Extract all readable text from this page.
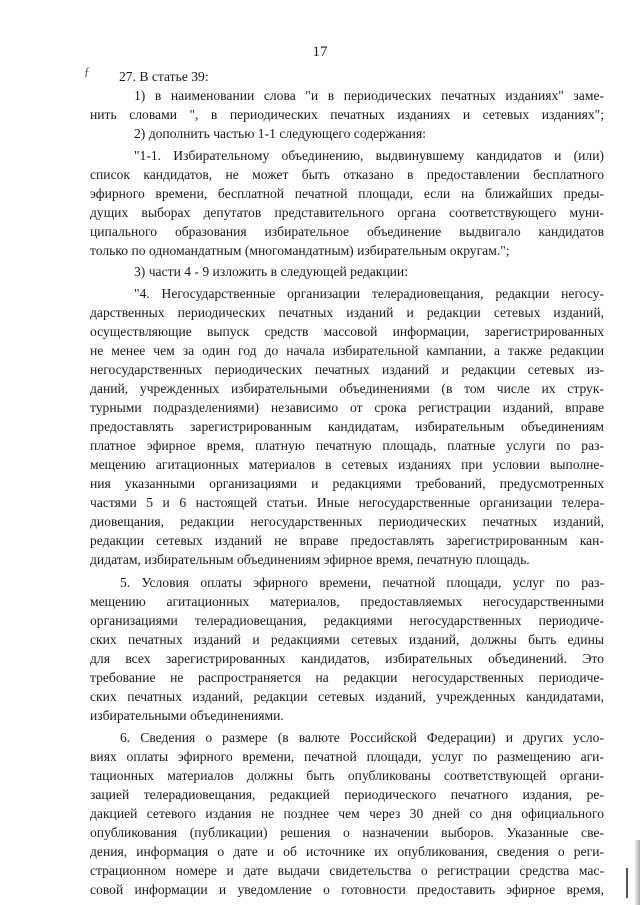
17
ƒ 27. В статье 39:
1) в наименовании слова "и в периодических печатных изданиях" заме-
нить словами ", в периодических печатных изданиях и сетевых изданиях";
2) дополнить частью 1-1 следующего содержания:
"1-1. Избирательному объединению, выдвинувшему кандидатов и (или)
список кандидатов, не может быть отказано в предоставлении бесплатного
эфирного времени, бесплатной печатной площади, если на ближайших преды-
дущих выборах депутатов представительного органа соответствующего муни-
ципального образования избирательное объединение выдвигало кандидатов
только по одномандатным (многомандатным) избирательным округам.";
3) части 4 - 9 изложить в следующей редакции:
"4. Негосударственные организации телерадиовещания, редакции негосу-
дарственных периодических печатных изданий и редакции сетевых изданий,
осуществляющие выпуск средств массовой информации, зарегистрированных
не менее чем за один год до начала избирательной кампании, а также редакции
негосударственных периодических печатных изданий и редакции сетевых из-
даний, учрежденных избирательными объединениями (в том числе их струк-
турными подразделениями) независимо от срока регистрации изданий, вправе
предоставлять зарегистрированным кандидатам, избирательным объединениям
платное эфирное время, платную печатную площадь, платные услуги по раз-
мещению агитационных материалов в сетевых изданиях при условии выполне-
ния указанными организациями и редакциями требований, предусмотренных
частями 5 и 6 настоящей статьи. Иные негосударственные организации телера-
диовещания, редакции негосударственных периодических печатных изданий,
редакции сетевых изданий не вправе предоставлять зарегистрированным кан-
дидатам, избирательным объединениям эфирное время, печатную площадь.
5. Условия оплаты эфирного времени, печатной площади, услуг по раз-
мещению агитационных материалов, предоставляемых негосударственными
организациями телерадиовещания, редакциями негосударственных периодиче-
ских печатных изданий и редакциями сетевых изданий, должны быть едины
для всех зарегистрированных кандидатов, избирательных объединений. Это
требование не распространяется на редакции негосударственных периодиче-
ских печатных изданий, редакции сетевых изданий, учрежденных кандидатами,
избирательными объединениями.
6. Сведения о размере (в валюте Российской Федерации) и других усло-
виях оплаты эфирного времени, печатной площади, услуг по размещению аги-
тационных материалов должны быть опубликованы соответствующей органи-
зацией телерадиовещания, редакцией периодического печатного издания, ре-
дакцией сетевого издания не позднее чем через 30 дней со дня официального
опубликования (публикации) решения о назначении выборов. Указанные све-
дения, информация о дате и об источнике их опубликования, сведения о реги-
страционном номере и дате выдачи свидетельства о регистрации средства мас-
совой информации и уведомление о готовности предоставить эфирное время,
